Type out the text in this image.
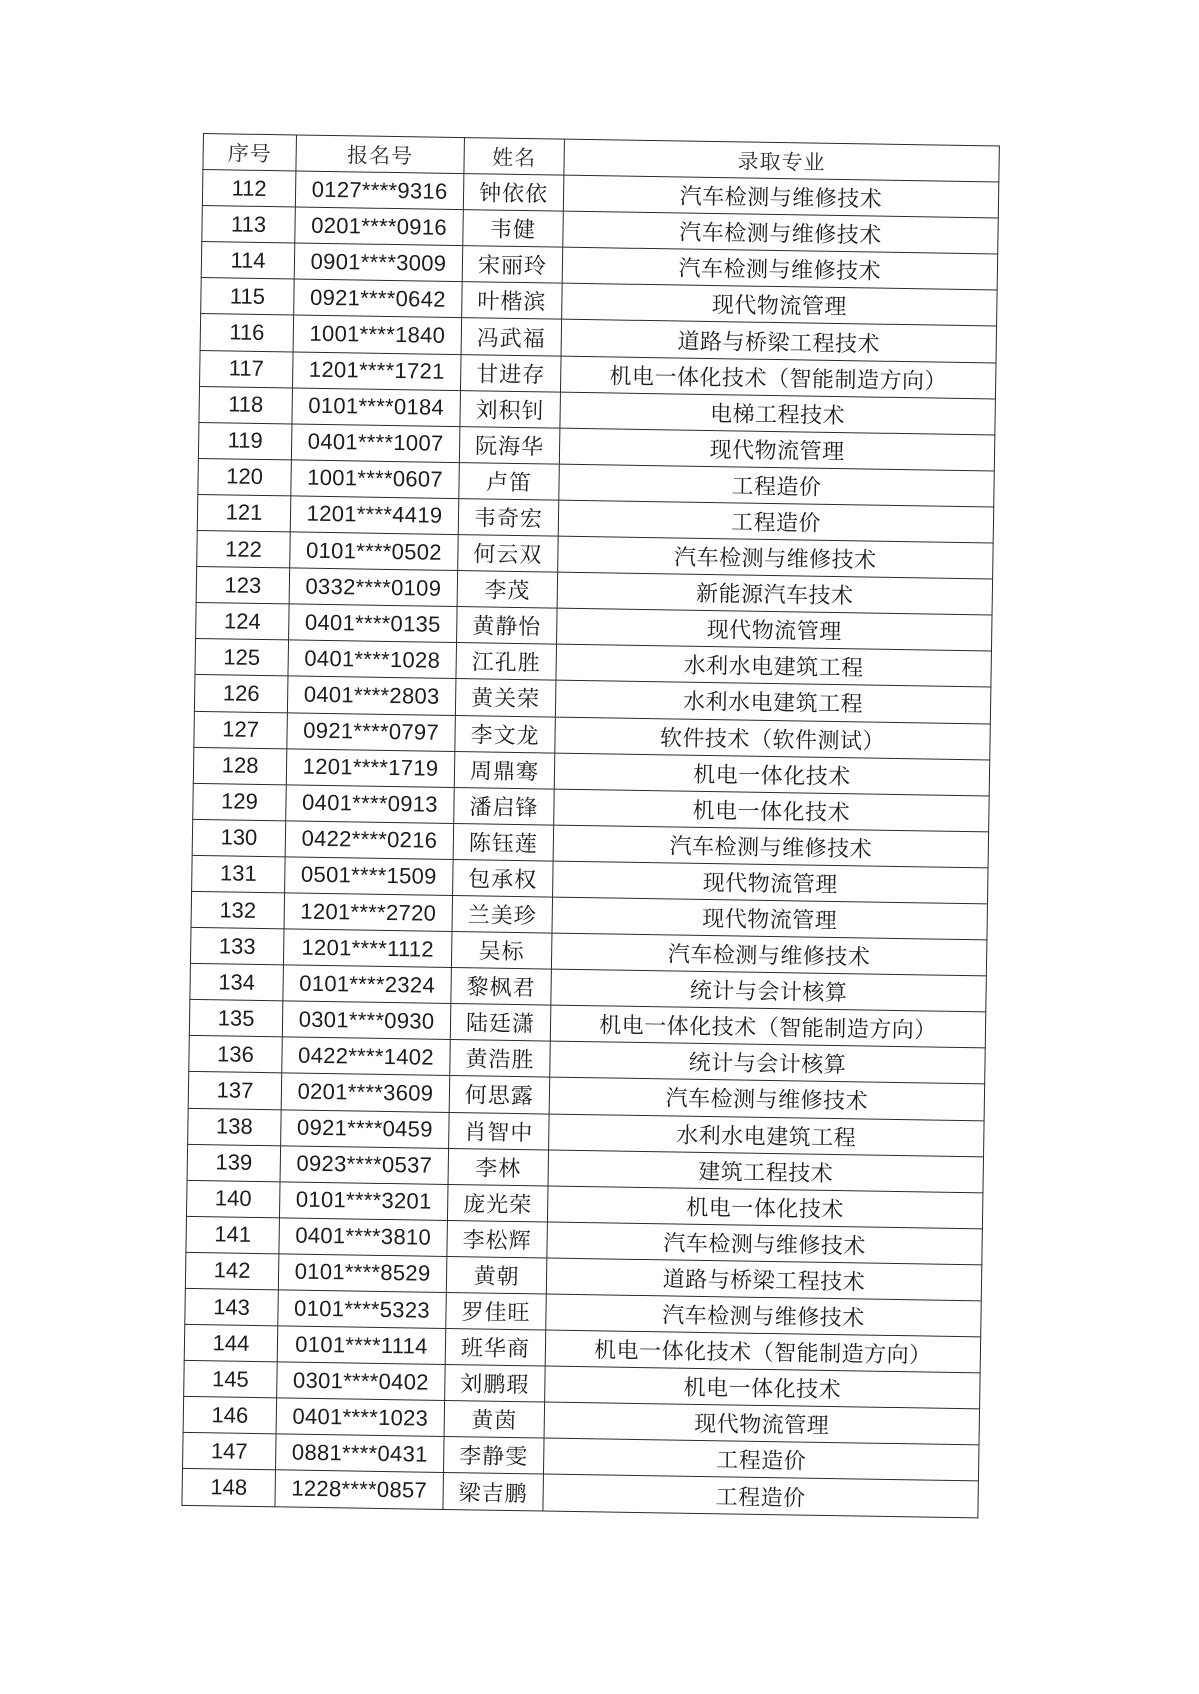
序号	报名号	姓名	录取专业
112	0127****9316	钟依依	汽车检测与维修技术
113	0201****0916	韦健	汽车检测与维修技术
114	0901****3009	宋丽玲	汽车检测与维修技术
115	0921****0642	叶楷滨	现代物流管理
116	1001****1840	冯武福	道路与桥梁工程技术
117	1201****1721	甘进存	机电一体化技术（智能制造方向）
118	0101****0184	刘积钊	电梯工程技术
119	0401****1007	阮海华	现代物流管理
120	1001****0607	卢笛	工程造价
121	1201****4419	韦奇宏	工程造价
122	0101****0502	何云双	汽车检测与维修技术
123	0332****0109	李茂	新能源汽车技术
124	0401****0135	黄静怡	现代物流管理
125	0401****1028	江孔胜	水利水电建筑工程
126	0401****2803	黄关荣	水利水电建筑工程
127	0921****0797	李文龙	软件技术（软件测试）
128	1201****1719	周鼎骞	机电一体化技术
129	0401****0913	潘启锋	机电一体化技术
130	0422****0216	陈钰莲	汽车检测与维修技术
131	0501****1509	包承权	现代物流管理
132	1201****2720	兰美珍	现代物流管理
133	1201****1112	吴标	汽车检测与维修技术
134	0101****2324	黎枫君	统计与会计核算
135	0301****0930	陆廷潇	机电一体化技术（智能制造方向）
136	0422****1402	黄浩胜	统计与会计核算
137	0201****3609	何思露	汽车检测与维修技术
138	0921****0459	肖智中	水利水电建筑工程
139	0923****0537	李林	建筑工程技术
140	0101****3201	庞光荣	机电一体化技术
141	0401****3810	李松辉	汽车检测与维修技术
142	0101****8529	黄朝	道路与桥梁工程技术
143	0101****5323	罗佳旺	汽车检测与维修技术
144	0101****1114	班华商	机电一体化技术（智能制造方向）
145	0301****0402	刘鹏瑕	机电一体化技术
146	0401****1023	黄茵	现代物流管理
147	0881****0431	李静雯	工程造价
148	1228****0857	梁吉鹏	工程造价
